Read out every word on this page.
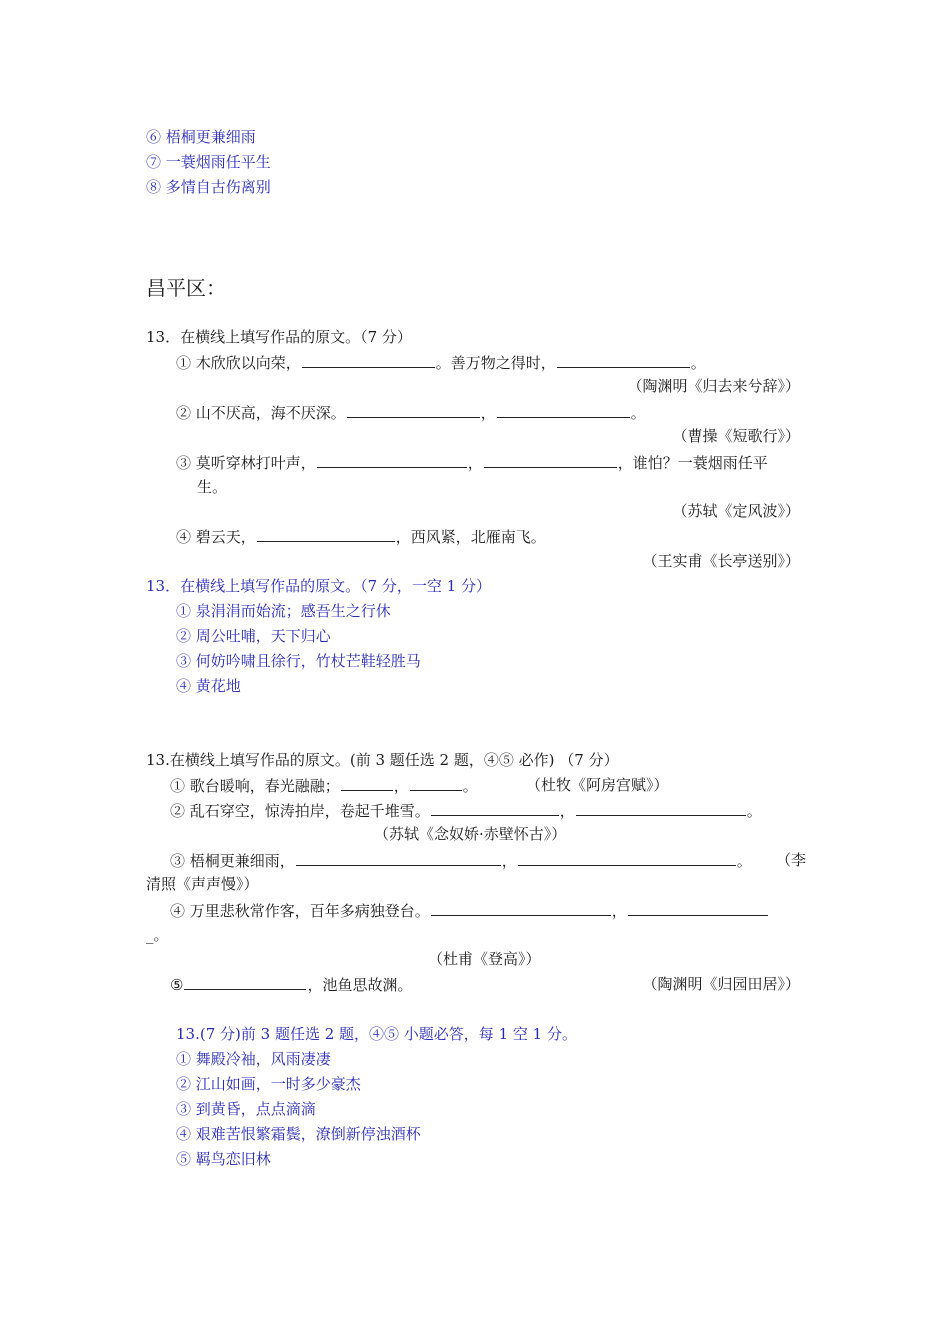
⑥ 梧桐更兼细雨
⑦ 一蓑烟雨任平生
⑧ 多情自古伤离别
昌平区：
13．在横线上填写作品的原文。（7 分）
① 木欣欣以向荣，	。善万物之得时，	。
（陶渊明《归去来兮辞》）
② 山不厌高，海不厌深。	，	。
（曹操《短歌行》）
③ 莫听穿林打叶声，	，	，谁怕？一蓑烟雨任平
生。
（苏轼《定风波》）
④ 碧云天，	，西风紧，北雁南飞。
（王实甫《长亭送别》）
13．在横线上填写作品的原文。（7 分，一空 1 分）
① 泉涓涓而始流；感吾生之行休
② 周公吐哺，天下归心
③ 何妨吟啸且徐行，竹杖芒鞋轻胜马
④ 黄花地
13.在横线上填写作品的原文。(前 3 题任选 2 题，④⑤ 必作) （7 分）
① 歌台暖响，春光融融；	，	。	（杜牧《阿房宫赋》）
② 乱石穿空，惊涛拍岸，卷起千堆雪。	，	。
（苏轼《念奴娇·赤壁怀古》）
③ 梧桐更兼细雨，	，	。 （李
清照《声声慢》）
④ 万里悲秋常作客，百年多病独登台。	，
_。
（杜甫《登高》）
⑤	，池鱼思故渊。	（陶渊明《归园田居》）
13.(7 分)前 3 题任选 2 题，④⑤ 小题必答，每 1 空 1 分。
① 舞殿冷袖，风雨凄凄
② 江山如画，一时多少豪杰
③ 到黄昏，点点滴滴
④ 艰难苦恨繁霜鬓，潦倒新停浊酒杯
⑤ 羁鸟恋旧林
